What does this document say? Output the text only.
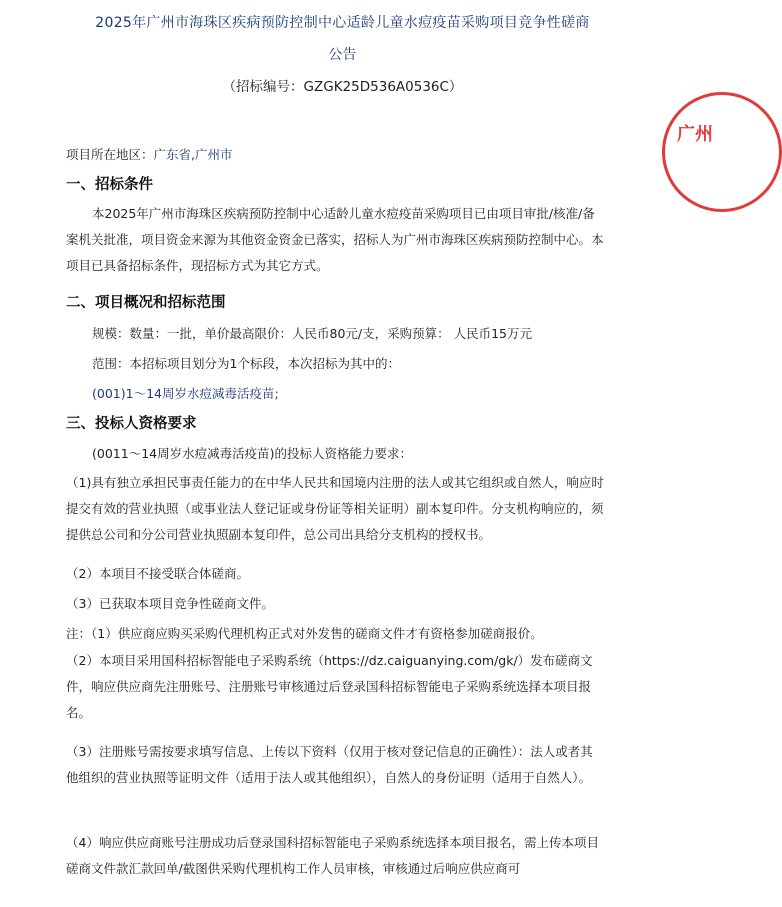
2025年广州市海珠区疾病预防控制中心适龄儿童水痘疫苗采购项目竞争性磋商
公告
（招标编号：GZGK25D536A0536C）
项目所在地区：广东省,广州市
一、招标条件
本2025年广州市海珠区疾病预防控制中心适龄儿童水痘疫苗采购项目已由项目审批/核准/备案机关批准，项目资金来源为其他资金资金已落实，招标人为广州市海珠区疾病预防控制中心。本项目已具备招标条件，现招标方式为其它方式。
二、项目概况和招标范围
规模：数量：一批，单价最高限价：人民币80元/支，采购预算： 人民币15万元
范围：本招标项目划分为1个标段，本次招标为其中的：
(001)1～14周岁水痘减毒活疫苗;
三、投标人资格要求
(0011～14周岁水痘减毒活疫苗)的投标人资格能力要求：
（1)具有独立承担民事责任能力的在中华人民共和国境内注册的法人或其它组织或自然人，响应时提交有效的营业执照（或事业法人登记证或身份证等相关证明）副本复印件。分支机构响应的，须提供总公司和分公司营业执照副本复印件，总公司出具给分支机构的授权书。
（2）本项目不接受联合体磋商。
（3）已获取本项目竞争性磋商文件。
注：（1）供应商应购买采购代理机构正式对外发售的磋商文件才有资格参加磋商报价。
（2）本项目采用国科招标智能电子采购系统（https://dz.caiguanying.com/gk/）发布磋商文件，响应供应商先注册账号、注册账号审核通过后登录国科招标智能电子采购系统选择本项目报名。
（3）注册账号需按要求填写信息、上传以下资料（仅用于核对登记信息的正确性）：法人或者其他组织的营业执照等证明文件（适用于法人或其他组织），自然人的身份证明（适用于自然人）。
（4）响应供应商账号注册成功后登录国科招标智能电子采购系统选择本项目报名，需上传本项目磋商文件款汇款回单/截图供采购代理机构工作人员审核，审核通过后响应供应商可
广州
